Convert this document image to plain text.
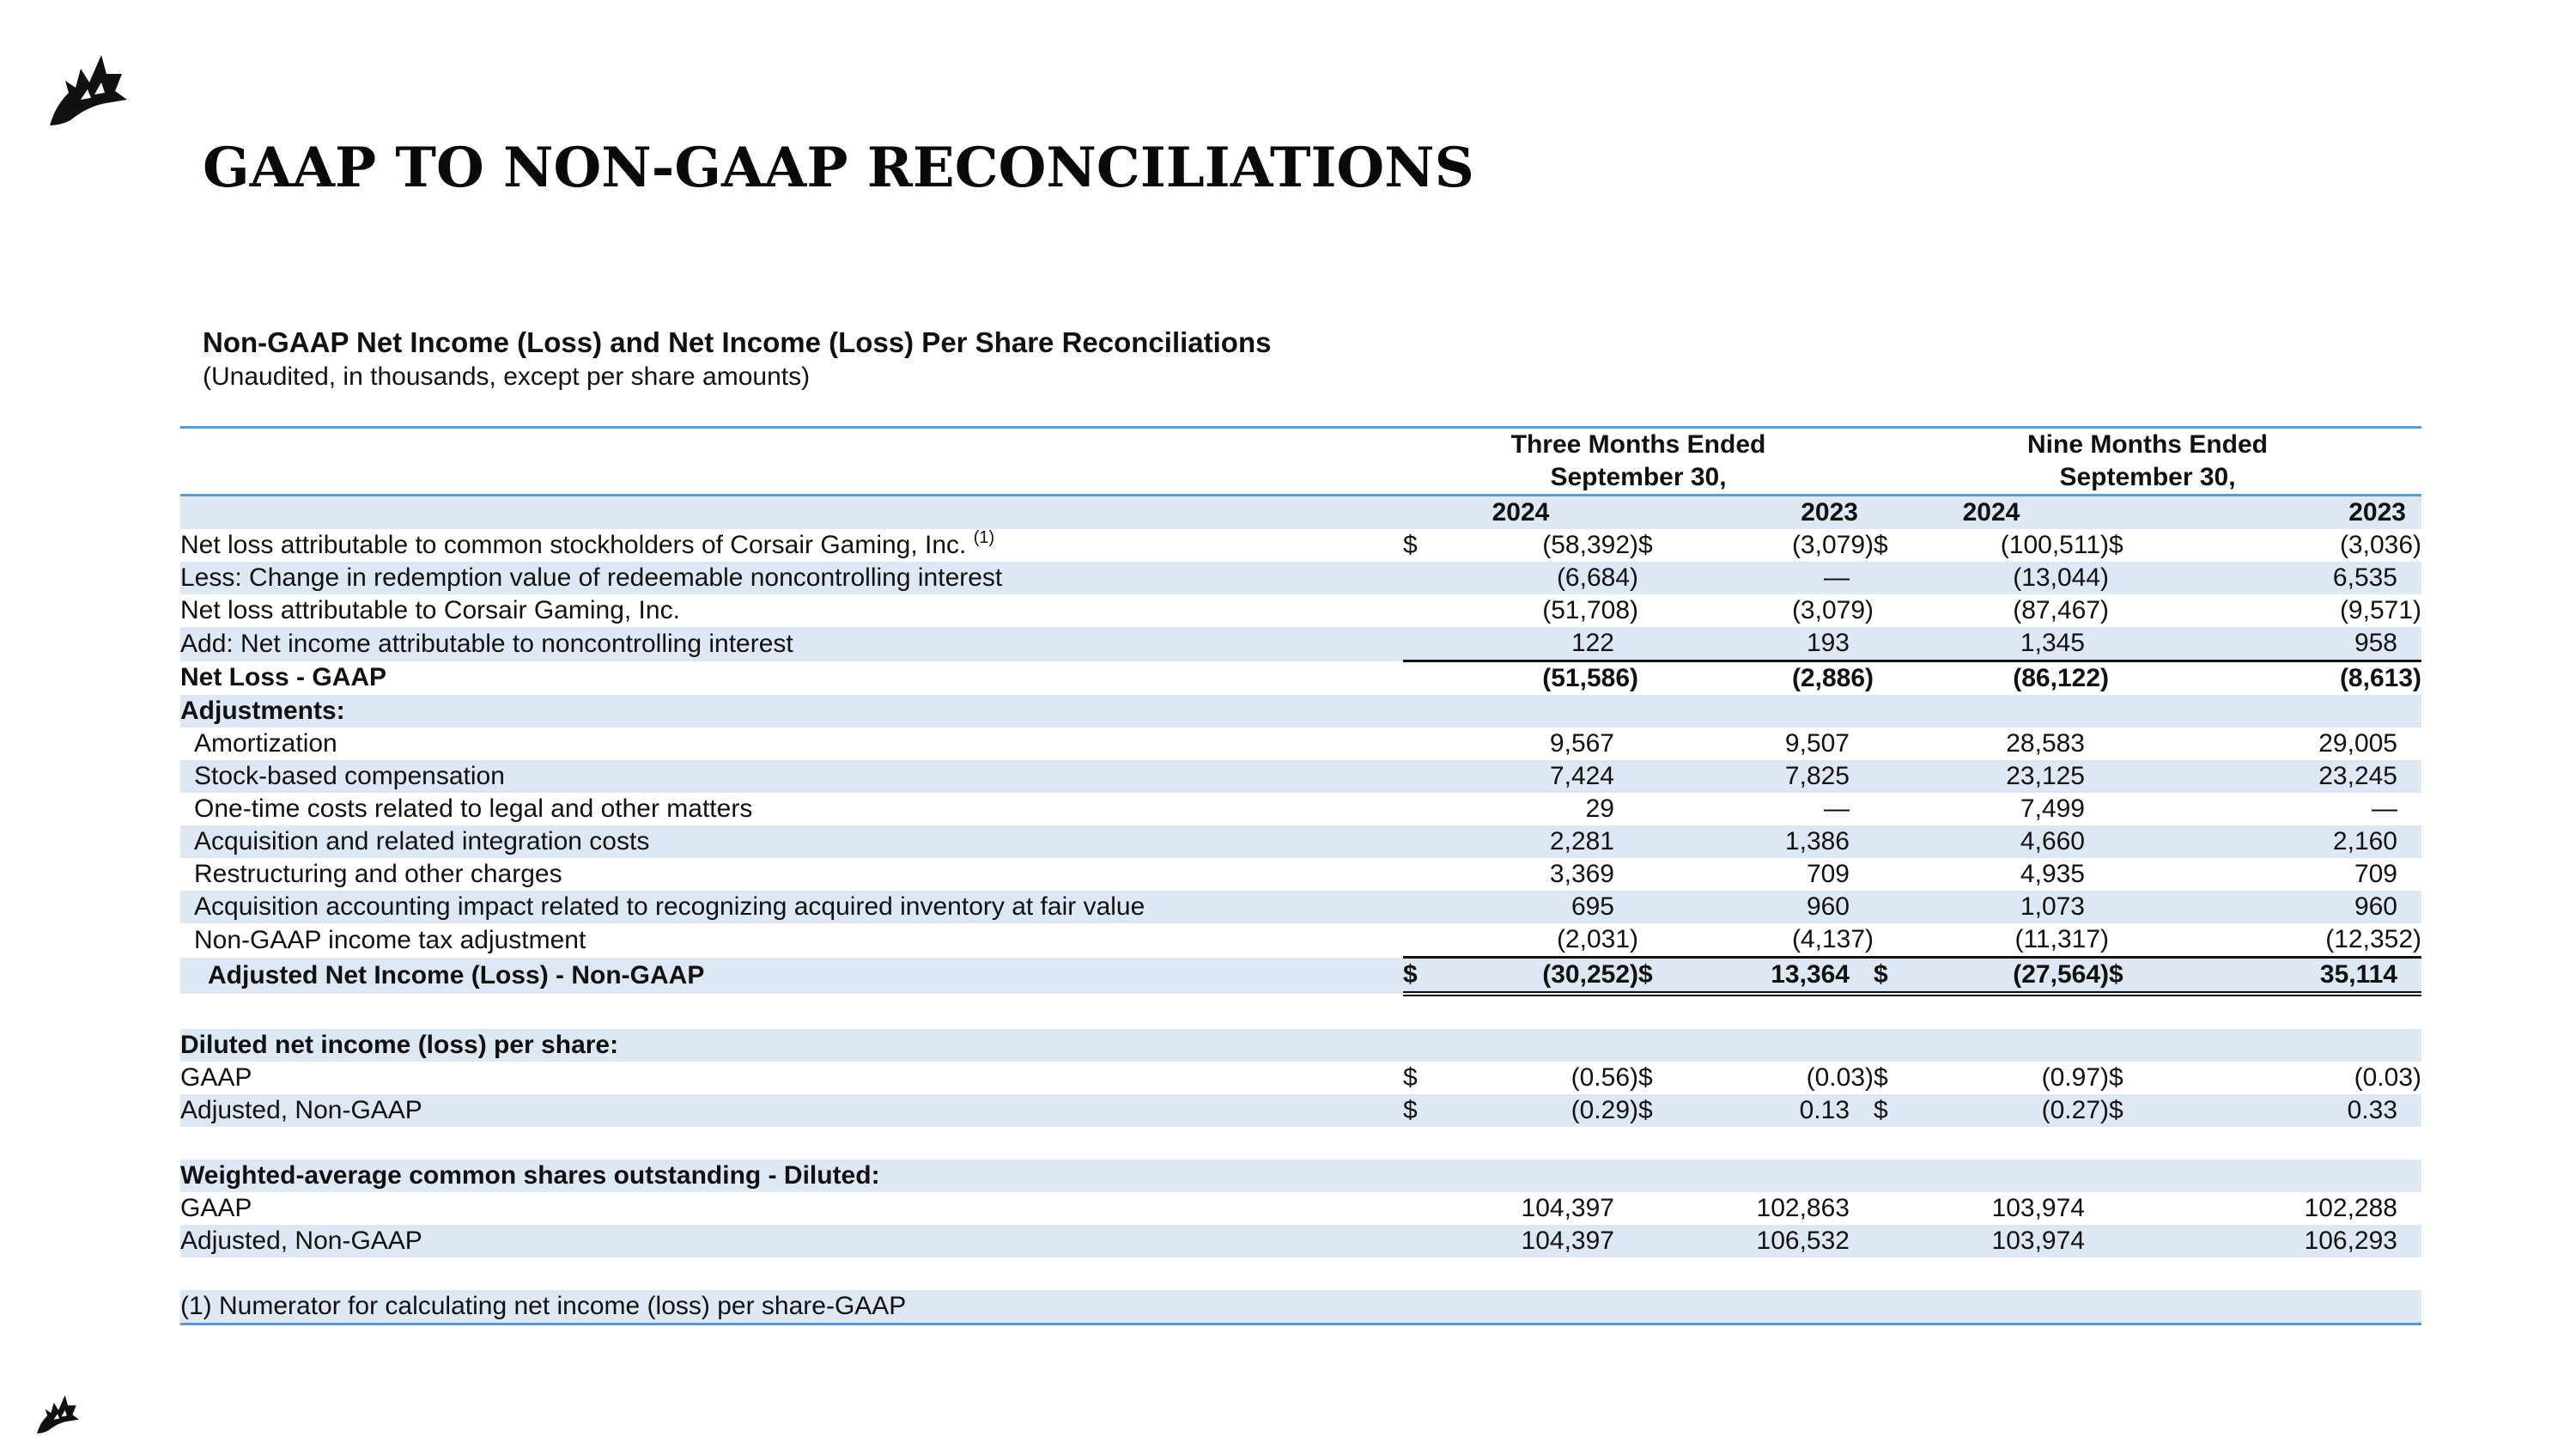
GAAP TO NON-GAAP RECONCILIATIONS
Non-GAAP Net Income (Loss) and Net Income (Loss) Per Share Reconciliations
(Unaudited, in thousands, except per share amounts)
	Three Months Ended				Nine Months Ended			
	September 30,				September 30,			
	2024		2023		2024		2023	
Net loss attributable to common stockholders of Corsair Gaming, Inc. $^{(1)}$	$	(58,392)	$	(3,079)	$	(100,511)	$	(3,036)
Less: Change in redemption value of redeemable noncontrolling interest		(6,684)		—		(13,044)		6,535
Net loss attributable to Corsair Gaming, Inc.		(51,708)		(3,079)		(87,467)		(9,571)
Add: Net income attributable to noncontrolling interest		122		193		1,345		958
Net Loss - GAAP		(51,586)		(2,886)		(86,122)		(8,613)
Adjustments:								
Amortization		9,567		9,507		28,583		29,005
Stock-based compensation		7,424		7,825		23,125		23,245
One-time costs related to legal and other matters		29		—		7,499		—
Acquisition and related integration costs		2,281		1,386		4,660		2,160
Restructuring and other charges		3,369		709		4,935		709
Acquisition accounting impact related to recognizing acquired inventory at fair value		695		960		1,073		960
Non-GAAP income tax adjustment		(2,031)		(4,137)		(11,317)		(12,352)
Adjusted Net Income (Loss) - Non-GAAP	$	(30,252)	$	13,364	$	(27,564)	$	35,114

Diluted net income (loss) per share:								
GAAP	$	(0.56)	$	(0.03)	$	(0.97)	$	(0.03)
Adjusted, Non-GAAP	$	(0.29)	$	0.13	$	(0.27)	$	0.33

Weighted-average common shares outstanding - Diluted:								
GAAP		104,397		102,863		103,974		102,288
Adjusted, Non-GAAP		104,397		106,532		103,974		106,293

(1) Numerator for calculating net income (loss) per share-GAAP								
